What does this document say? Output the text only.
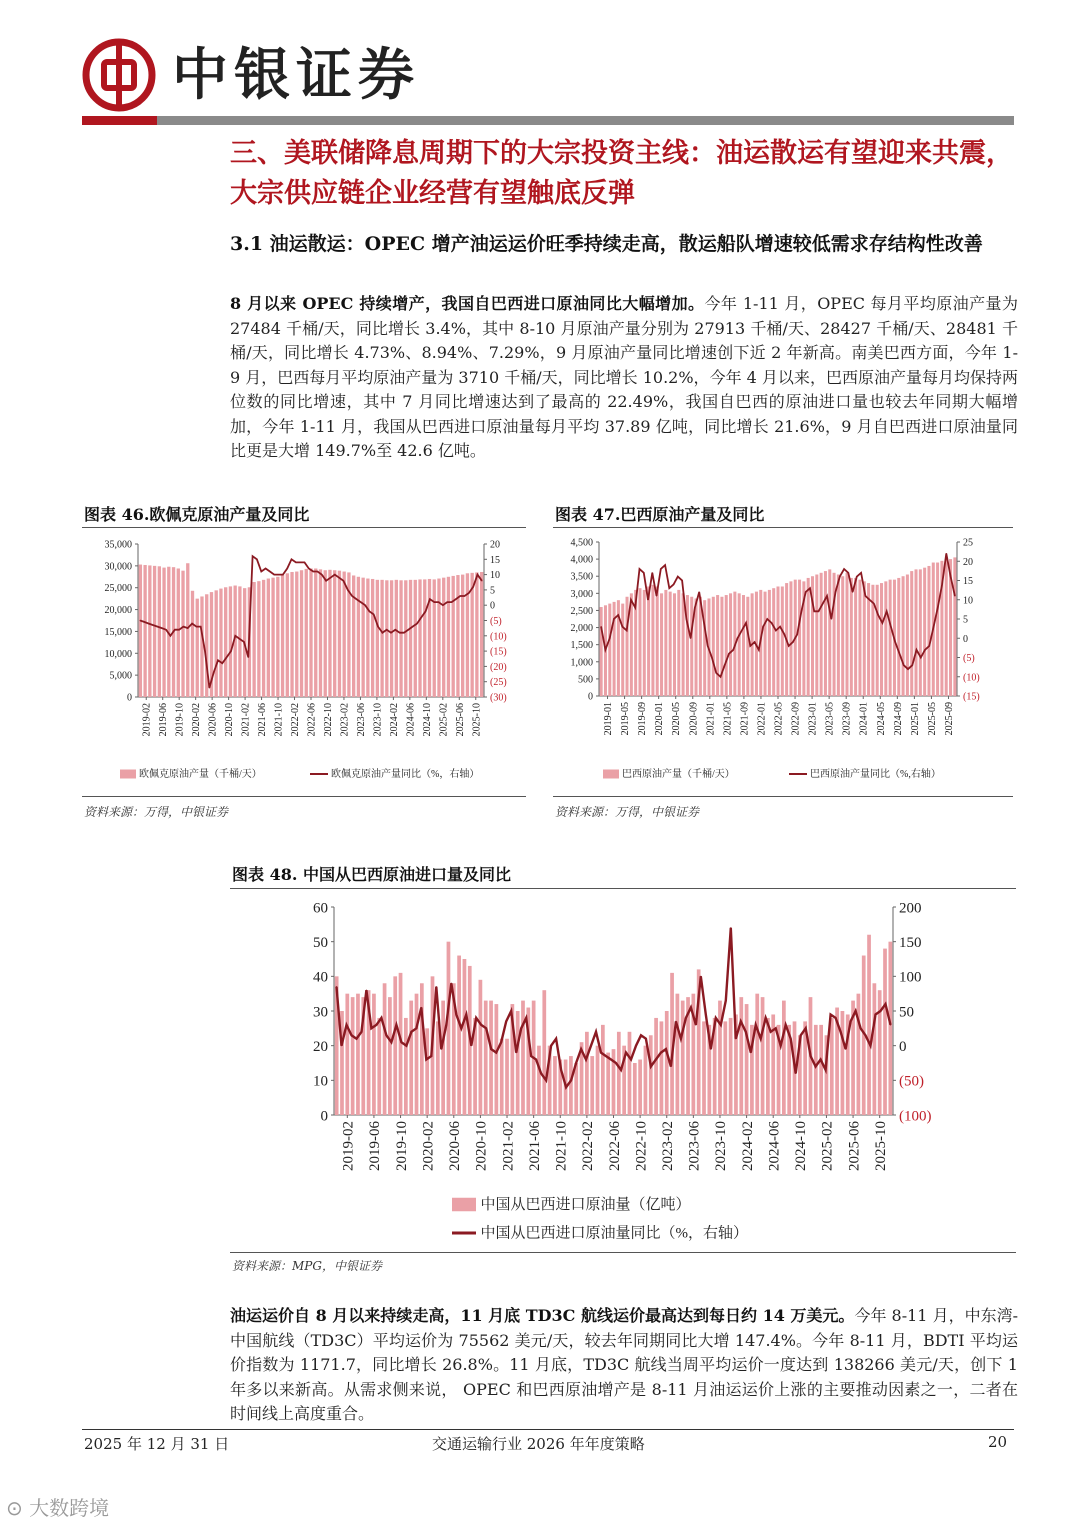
中银证券
三、美联储降息周期下的大宗投资主线：油运散运有望迎来共震，大宗供应链企业经营有望触底反弹
3.1 油运散运：OPEC 增产油运运价旺季持续走高，散运船队增速较低需求存结构性改善
8 月以来 OPEC 持续增产，我国自巴西进口原油同比大幅增加。今年 1-11 月，OPEC 每月平均原油产量为 27484 千桶/天，同比增长 3.4%，其中 8-10 月原油产量分别为 27913 千桶/天、28427 千桶/天、28481 千桶/天，同比增长 4.73%、8.94%、7.29%，9 月原油产量同比增速创下近 2 年新高。南美巴西方面，今年 1-9 月，巴西每月平均原油产量为 3710 千桶/天，同比增长 10.2%，今年 4 月以来，巴西原油产量每月均保持两位数的同比增速，其中 7 月同比增速达到了最高的 22.49%，我国自巴西的原油进口量也较去年同期大幅增加，今年 1-11 月，我国从巴西进口原油量每月平均 37.89 亿吨，同比增长 21.6%，9 月自巴西进口原油量同比更是大增 149.7%至 42.6 亿吨。
图表 46.欧佩克原油产量及同比
35,000
30,000
25,000
20,000
15,000
10,000
5,000
0
20
15
10
5
0
(5)
(10)
(15)
(20)
(25)
(30)
2019-02 2019-06 2019-10 2020-02 2020-06 2020-10 2021-02 2021-06 2021-10 2022-02 2022-06 2022-10 2023-02 2023-06 2023-10 2024-02 2024-06 2024-10 2025-02 2025-06 2025-10
欧佩克原油产量（千桶/天）	欧佩克原油产量同比（%，右轴）
资料来源：万得，中银证券
图表 47.巴西原油产量及同比
4,500
4,000
3,500
3,000
2,500
2,000
1,500
1,000
500
0
25
20
15
10
5
0
(5)
(10)
(15)
2019-01 2019-05 2019-09 2020-01 2020-05 2020-09 2021-01 2021-05 2021-09 2022-01 2022-05 2022-09 2023-01 2023-05 2023-09 2024-01 2024-05 2024-09 2025-01 2025-05 2025-09
巴西原油产量（千桶/天）	巴西原油产量同比（%,右轴）
资料来源：万得，中银证券
图表 48. 中国从巴西原油进口量及同比
60
50
40
30
20
10
0
200
150
100
50
0
(50)
(100)
2019-02 2019-06 2019-10 2020-02 2020-06 2020-10 2021-02 2021-06 2021-10 2022-02 2022-06 2022-10 2023-02 2023-06 2023-10 2024-02 2024-06 2024-10 2025-02 2025-06 2025-10
中国从巴西进口原油量（亿吨）
中国从巴西进口原油量同比（%，右轴）
资料来源：MPG，中银证券
油运运价自 8 月以来持续走高，11 月底 TD3C 航线运价最高达到每日约 14 万美元。今年 8-11 月，中东湾-中国航线（TD3C）平均运价为 75562 美元/天，较去年同期同比大增 147.4%。今年 8-11 月，BDTI 平均运价指数为 1171.7，同比增长 26.8%。11 月底，TD3C 航线当周平均运价一度达到 138266 美元/天，创下 1 年多以来新高。从需求侧来说， OPEC 和巴西原油增产是 8-11 月油运运价上涨的主要推动因素之一，二者在时间线上高度重合。
2025 年 12 月 31 日	交通运输行业 2026 年年度策略	20
⊙ 大数跨境
